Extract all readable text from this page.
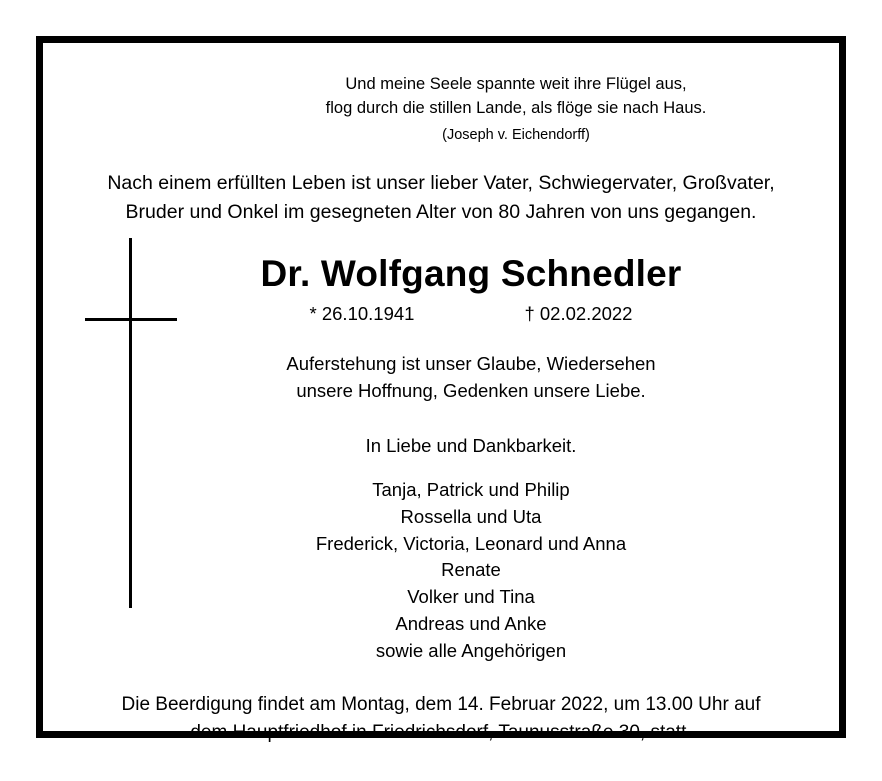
Und meine Seele spannte weit ihre Flügel aus,
flog durch die stillen Lande, als flöge sie nach Haus.
(Joseph v. Eichendorff)
Nach einem erfüllten Leben ist unser lieber Vater, Schwiegervater, Großvater,
Bruder und Onkel im gesegneten Alter von 80 Jahren von uns gegangen.
Dr. Wolfgang Schnedler
* 26.10.1941	† 02.02.2022
Auferstehung ist unser Glaube, Wiedersehen
unsere Hoffnung, Gedenken unsere Liebe.
In Liebe und Dankbarkeit.
Tanja, Patrick und Philip
Rossella und Uta
Frederick, Victoria, Leonard und Anna
Renate
Volker und Tina
Andreas und Anke
sowie alle Angehörigen
Die Beerdigung findet am Montag, dem 14. Februar 2022, um 13.00 Uhr auf
dem Hauptfriedhof in Friedrichsdorf, Taunusstraße 30, statt.
